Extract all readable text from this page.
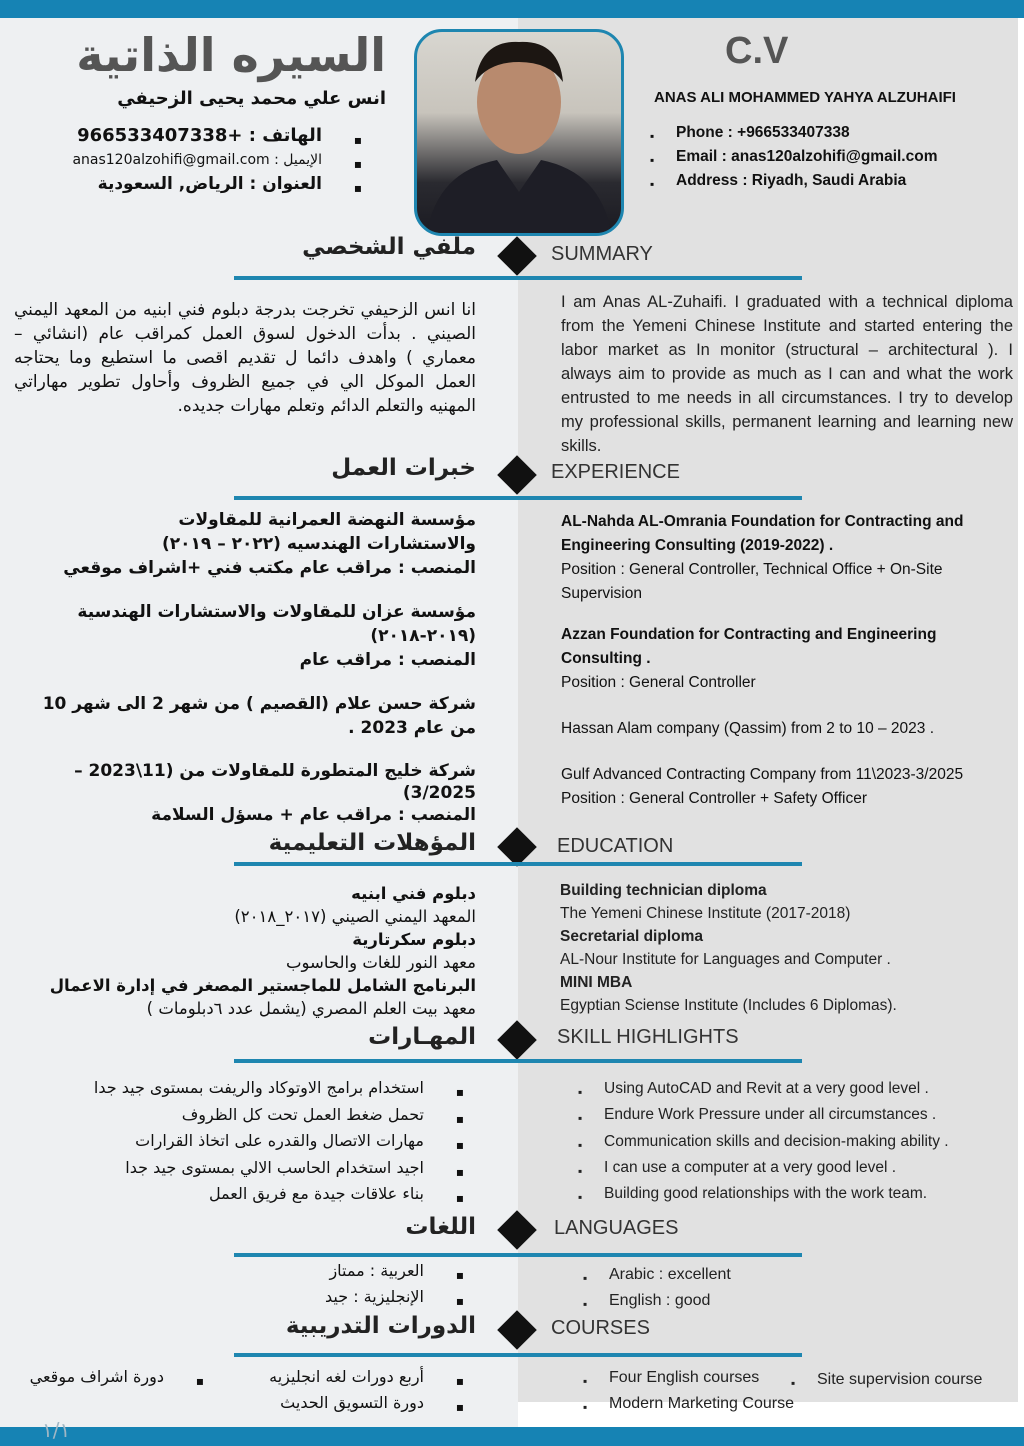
١/١
السيره الذاتية
انس علي محمد يحيى الزحيفي
▪ الهاتف : +966533407338
▪ الإيميل : anas120alzohifi@gmail.com
▪ العنوان : الرياض, السعودية
C.V
ANAS ALI MOHAMMED YAHYA ALZUHAIFI
▪ Phone : +966533407338
▪ Email : anas120alzohifi@gmail.com
▪ Address : Riyadh, Saudi Arabia
ملفي الشخصي	SUMMARY
خبرات العمل	EXPERIENCE
المؤهلات التعليمية	EDUCATION
المهـارات	SKILL HIGHLIGHTS
اللغات	LANGUAGES
الدورات التدريبية	COURSES
انا انس الزحيفي تخرجت بدرجة دبلوم فني ابنيه من المعهد اليمني الصيني . بدأت الدخول لسوق العمل كمراقب عام (انشائي – معماري ) واهدف دائما ل تقديم اقصى ما استطيع وما يحتاجه العمل الموكل الي في جميع الظروف وأحاول تطوير مهاراتي المهنيه والتعلم الدائم وتعلم مهارات جديده.
I am Anas AL-Zuhaifi. I graduated with a technical diploma from the Yemeni Chinese Institute and started entering the labor market as In monitor (structural – architectural ). I always aim to provide as much as I can and what the work entrusted to me needs in all circumstances. I try to develop my professional skills, permanent learning and learning new skills.
مؤسسة النهضة العمرانية للمقاولات
والاستشارات الهندسيه (٢٠٢٢ – ٢٠١٩)
المنصب : مراقب عام مكتب فني +اشراف موقعي
مؤسسة عزان للمقاولات والاستشارات الهندسية
(٢٠١٩-٢٠١٨)
المنصب : مراقب عام
شركة حسن علام (القصيم ) من شهر 2 الى شهر 10
من عام 2023 .
شركة خليج المتطورة للمقاولات من (11\2023 –
3/2025)
المنصب : مراقب عام + مسؤل السلامة
AL-Nahda AL-Omrania Foundation for Contracting and
Engineering Consulting (2019-2022) .
Position : General Controller, Technical Office + On-Site
Supervision
Azzan Foundation for Contracting and Engineering
Consulting .
Position : General Controller
Hassan Alam company (Qassim) from 2 to 10 – 2023 .
Gulf Advanced Contracting Company from 11\2023-3/2025
Position : General Controller + Safety Officer
دبلوم فني ابنيه
المعهد اليمني الصيني (٢٠١٧_٢٠١٨)
دبلوم سكرتارية
معهد النور للغات والحاسوب
البرنامج الشامل للماجستير المصغر في إدارة الاعمال
معهد بيت العلم المصري (يشمل عدد ٦دبلومات )
Building technician diploma
The Yemeni Chinese Institute (2017-2018)
Secretarial diploma
AL-Nour Institute for Languages and Computer .
MINI MBA
Egyptian Sciense Institute (Includes 6 Diplomas).
▪ استخدام برامج الاوتوكاد والريفت بمستوى جيد جدا
▪ تحمل ضغط العمل تحت كل الظروف
▪ مهارات الاتصال والقدره على اتخاذ القرارات
▪ اجيد استخدام الحاسب الالي بمستوى جيد جدا
▪ بناء علاقات جيدة مع فريق العمل
▪ Using AutoCAD and Revit at a very good level .
▪ Endure Work Pressure under all circumstances .
▪ Communication skills and decision-making ability .
▪ I can use a computer at a very good level .
▪ Building good relationships with the work team.
▪ العربية : ممتاز
▪ الإنجليزية : جيد
▪ Arabic : excellent
▪ English : good
▪ أربع دورات لغه انجليزيه
▪ دورة التسويق الحديث
▪ دورة اشراف موقعي	▪ Four English courses
▪ Modern Marketing Course
▪ Site supervision course
